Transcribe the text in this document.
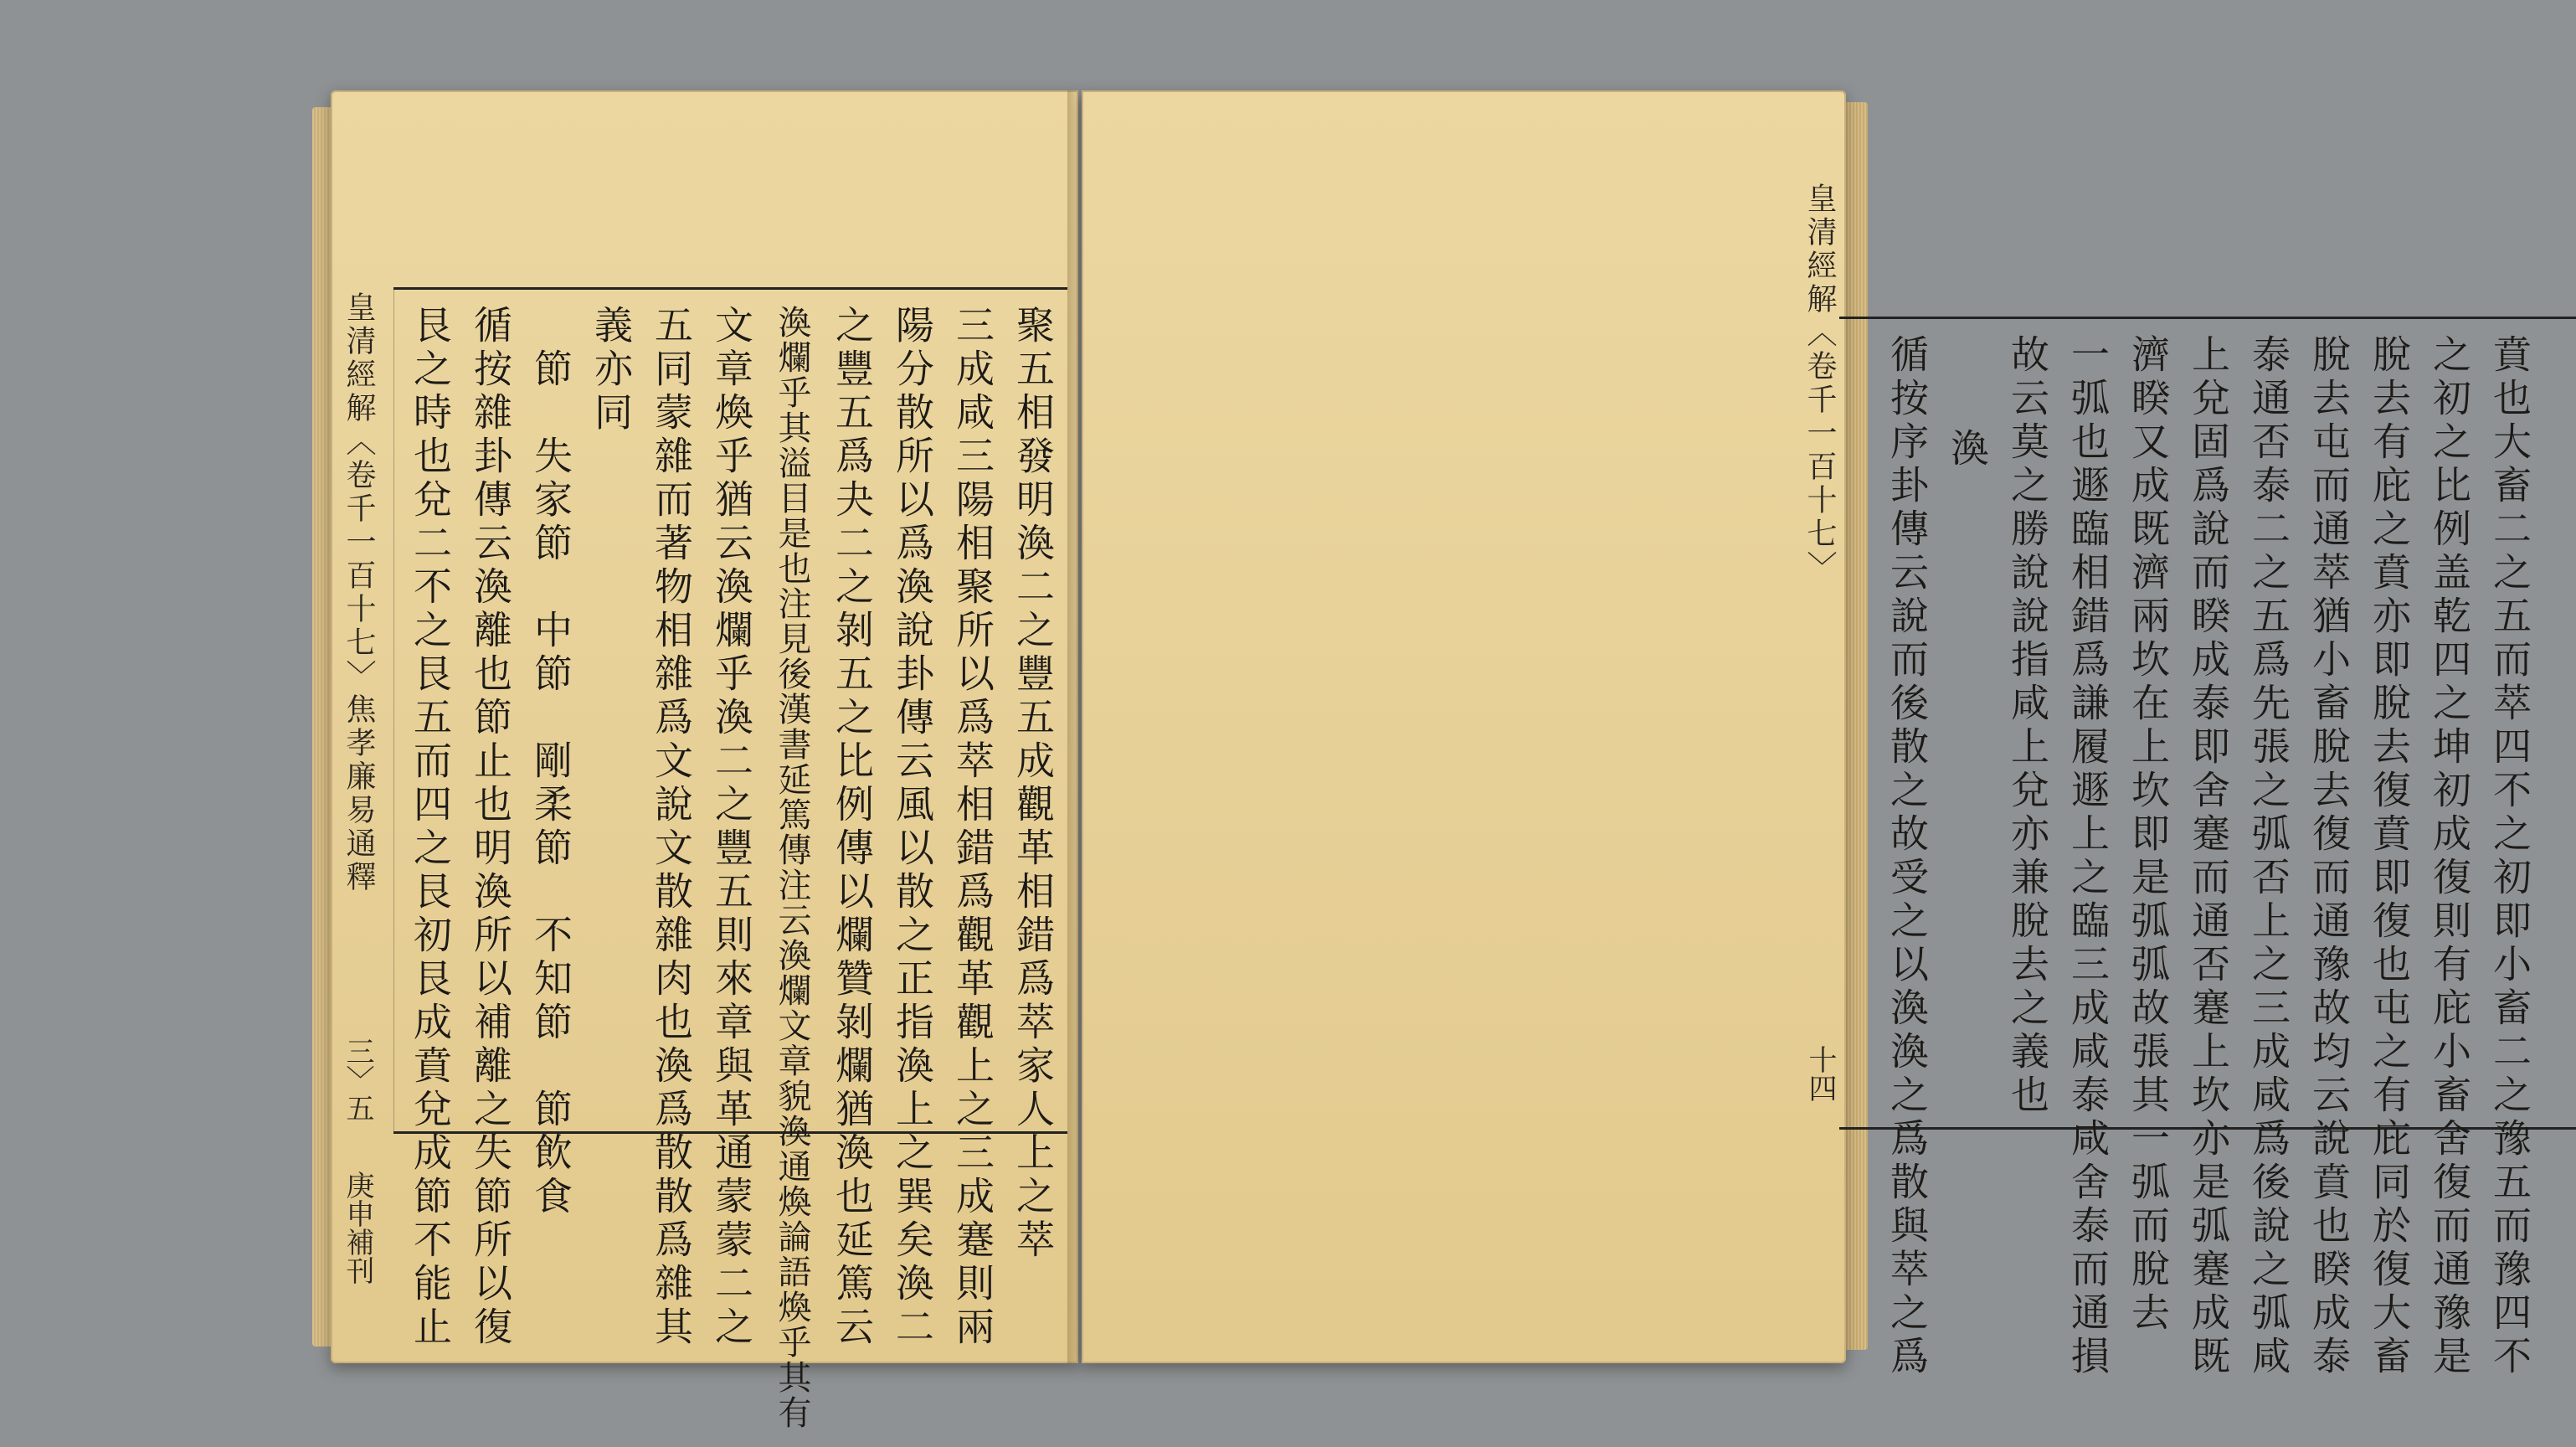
皇清經解〈卷千一百十七〉焦孝廉易通釋
三〉五
庚申補刊	聚五相發明渙二之豐五成觀革相錯爲萃家人上之萃
三成咸三陽相聚所以爲萃相錯爲觀革觀上之三成蹇則兩
陽分散所以爲渙說卦傳云風以散之正指渙上之巽矣渙二
之豐五爲夬二之剝五之比例傳以爛贊剝爛猶渙也延篤云
渙爛乎其溢目是也注見後漢書延篤傳注云渙爛文章貌渙通煥論語煥乎其有
文章煥乎猶云渙爛乎渙二之豐五則來章與革通蒙蒙二之
五同蒙雜而著物相雜爲文說文散雜肉也渙爲散散爲雜其
義亦同
節　失家節　中節　剛柔節　不知節　節飲食
循按雜卦傳云渙離也節止也明渙所以補離之失節所以復
艮之時也兌二不之艮五而四之艮初艮成賁兌成節不能止	皇清經解〈卷千一百十七〉
十四	賁也大畜二之五而萃四不之初即小畜二之豫五而豫四不
之初之比例盖乾四之坤初成復則有庇小畜舍復而通豫是
脫去有庇之賁亦即脫去復賁即復也屯之有庇同於復大畜
脫去屯而通萃猶小畜脫去復而通豫故均云說賁也睽成泰
泰通否泰二之五爲先張之弧否上之三成咸爲後說之弧咸
上兌固爲說而睽成泰即舍蹇而通否蹇上坎亦是弧蹇成既
濟睽又成既濟兩坎在上坎即是弧弧故張其一弧而脫去
一弧也遯臨相錯爲謙履遯上之臨三成咸泰咸舍泰而通損
故云莫之勝說說指咸上兌亦兼脫去之義也
渙
循按序卦傳云說而後散之故受之以渙渙之爲散與萃之爲
